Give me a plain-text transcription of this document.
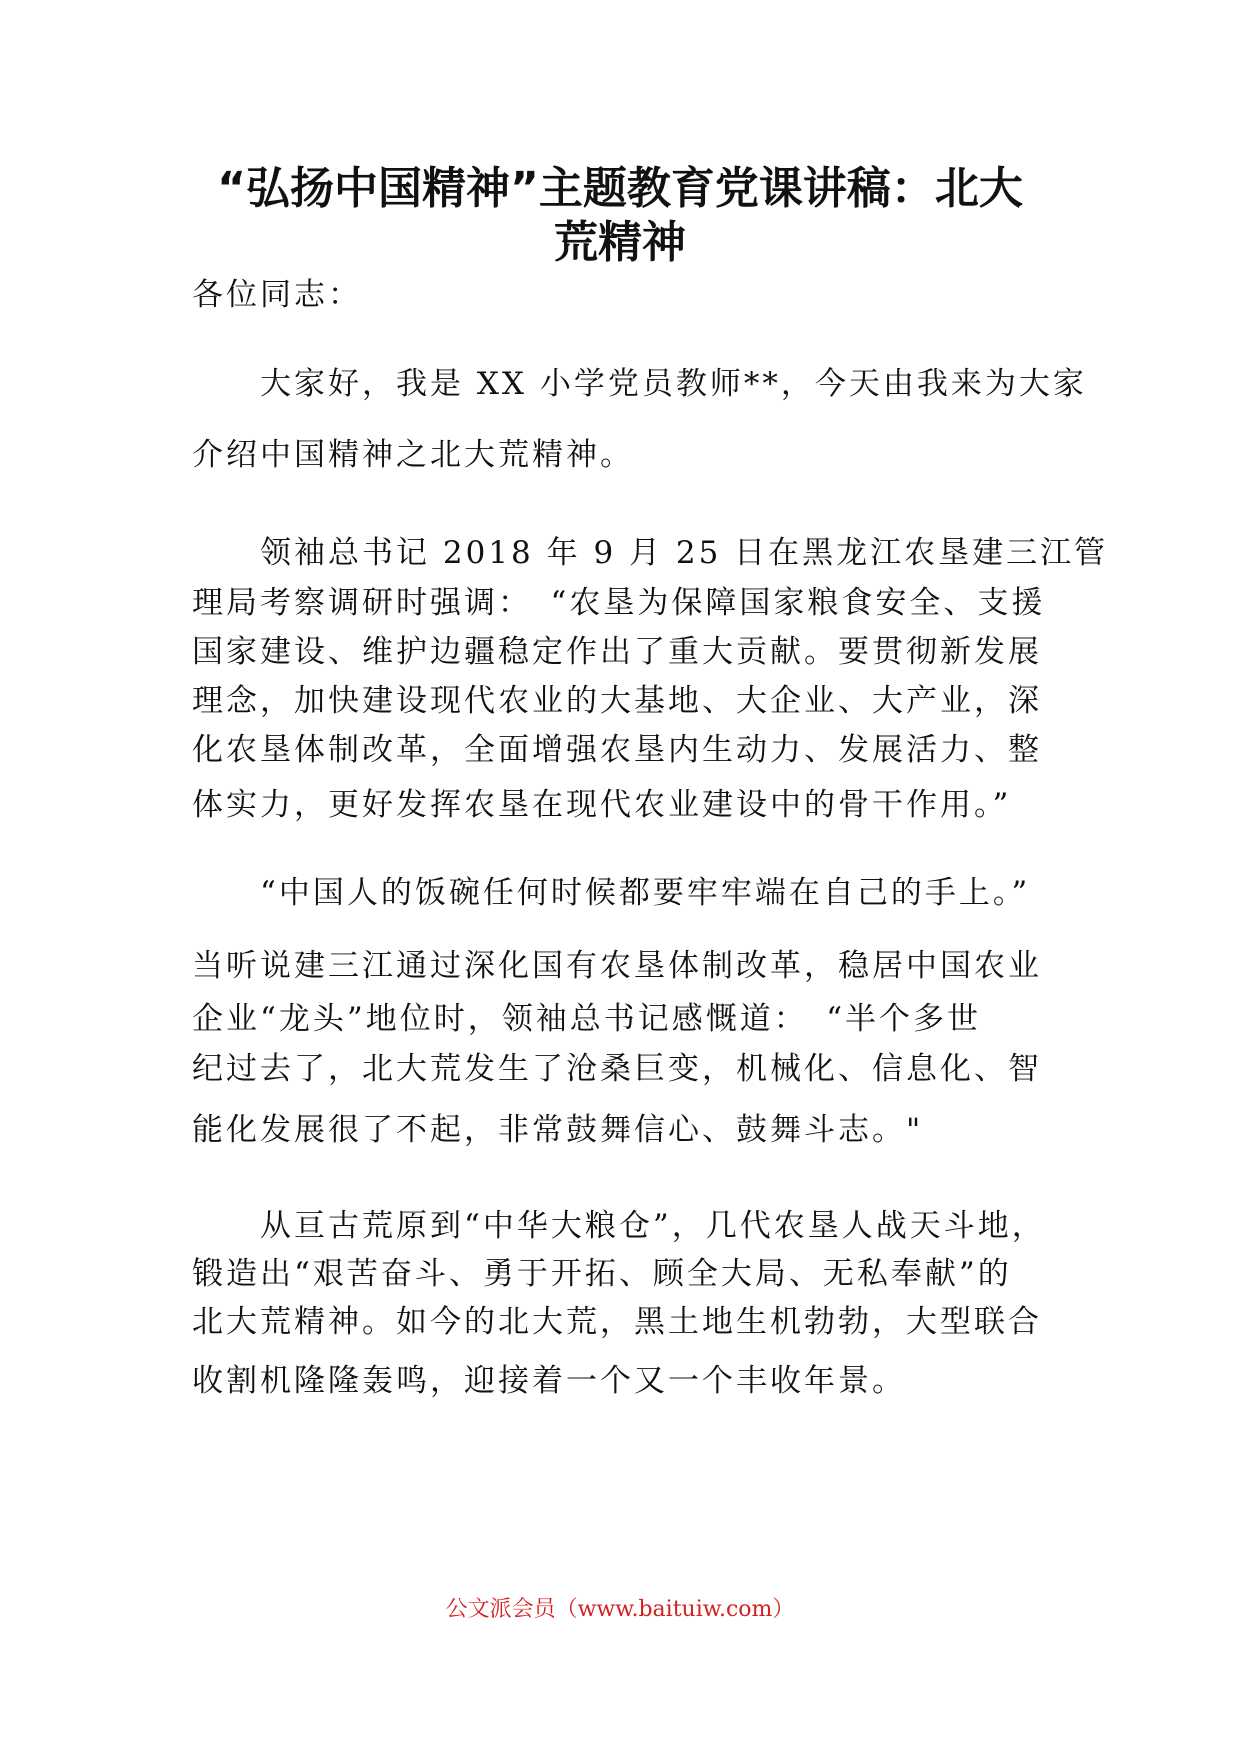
“弘扬中国精神”主题教育党课讲稿：北大
荒精神
各位同志：
　　大家好，我是 XX 小学党员教师**，今天由我来为大家
介绍中国精神之北大荒精神。
　　领袖总书记 2018 年 9 月 25 日在黑龙江农垦建三江管
理局考察调研时强调：　“农垦为保障国家粮食安全、支援
国家建设、维护边疆稳定作出了重大贡献。要贯彻新发展
理念，加快建设现代农业的大基地、大企业、大产业，深
化农垦体制改革，全面增强农垦内生动力、发展活力、整
体实力，更好发挥农垦在现代农业建设中的骨干作用。”
　　“中国人的饭碗任何时候都要牢牢端在自己的手上。”
当听说建三江通过深化国有农垦体制改革，稳居中国农业
企业“龙头”地位时，领袖总书记感慨道：　“半个多世
纪过去了，北大荒发生了沧桑巨变，机械化、信息化、智
能化发展很了不起，非常鼓舞信心、鼓舞斗志。"
　　从亘古荒原到“中华大粮仓”，几代农垦人战天斗地，
锻造出“艰苦奋斗、勇于开拓、顾全大局、无私奉献”的
北大荒精神。如今的北大荒，黑土地生机勃勃，大型联合
收割机隆隆轰鸣，迎接着一个又一个丰收年景。
公文派会员（www.baituiw.com）
